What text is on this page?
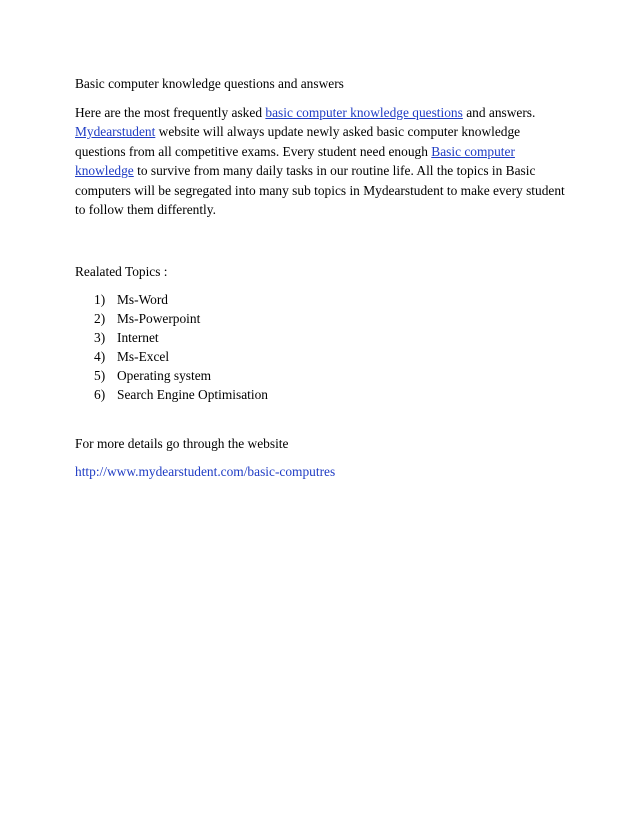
Basic computer knowledge questions and answers

Here are the most frequently asked basic computer knowledge questions and answers. Mydearstudent website will always update newly asked basic computer knowledge questions from all competitive exams. Every student need enough Basic computer knowledge to survive from many daily tasks in our routine life. All the topics in Basic computers will be segregated into many sub topics in Mydearstudent to make every student to follow them differently.

Realated Topics :

1) Ms-Word
2) Ms-Powerpoint
3) Internet
4) Ms-Excel
5) Operating system
6) Search Engine Optimisation

For more details go through the website

http://www.mydearstudent.com/basic-computres
